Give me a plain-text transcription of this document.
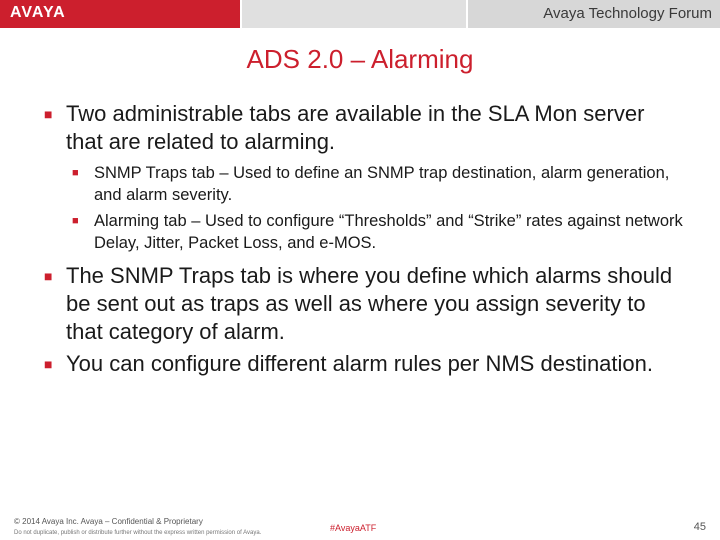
AVAYA	Avaya Technology Forum
ADS 2.0 – Alarming
■ Two administrable tabs are available in the SLA Mon server that are related to alarming.
■ SNMP Traps tab – Used to define an SNMP trap destination, alarm generation, and alarm severity.
■ Alarming tab – Used to configure “Thresholds” and “Strike” rates against network Delay, Jitter, Packet Loss, and e-MOS.
■ The SNMP Traps tab is where you define which alarms should be sent out as traps as well as where you assign severity to that category of alarm.
■ You can configure different alarm rules per NMS destination.
© 2014 Avaya Inc. Avaya – Confidential & Proprietary
Do not duplicate, publish or distribute further without the express written permission of Avaya.	#AvayaATF	45
